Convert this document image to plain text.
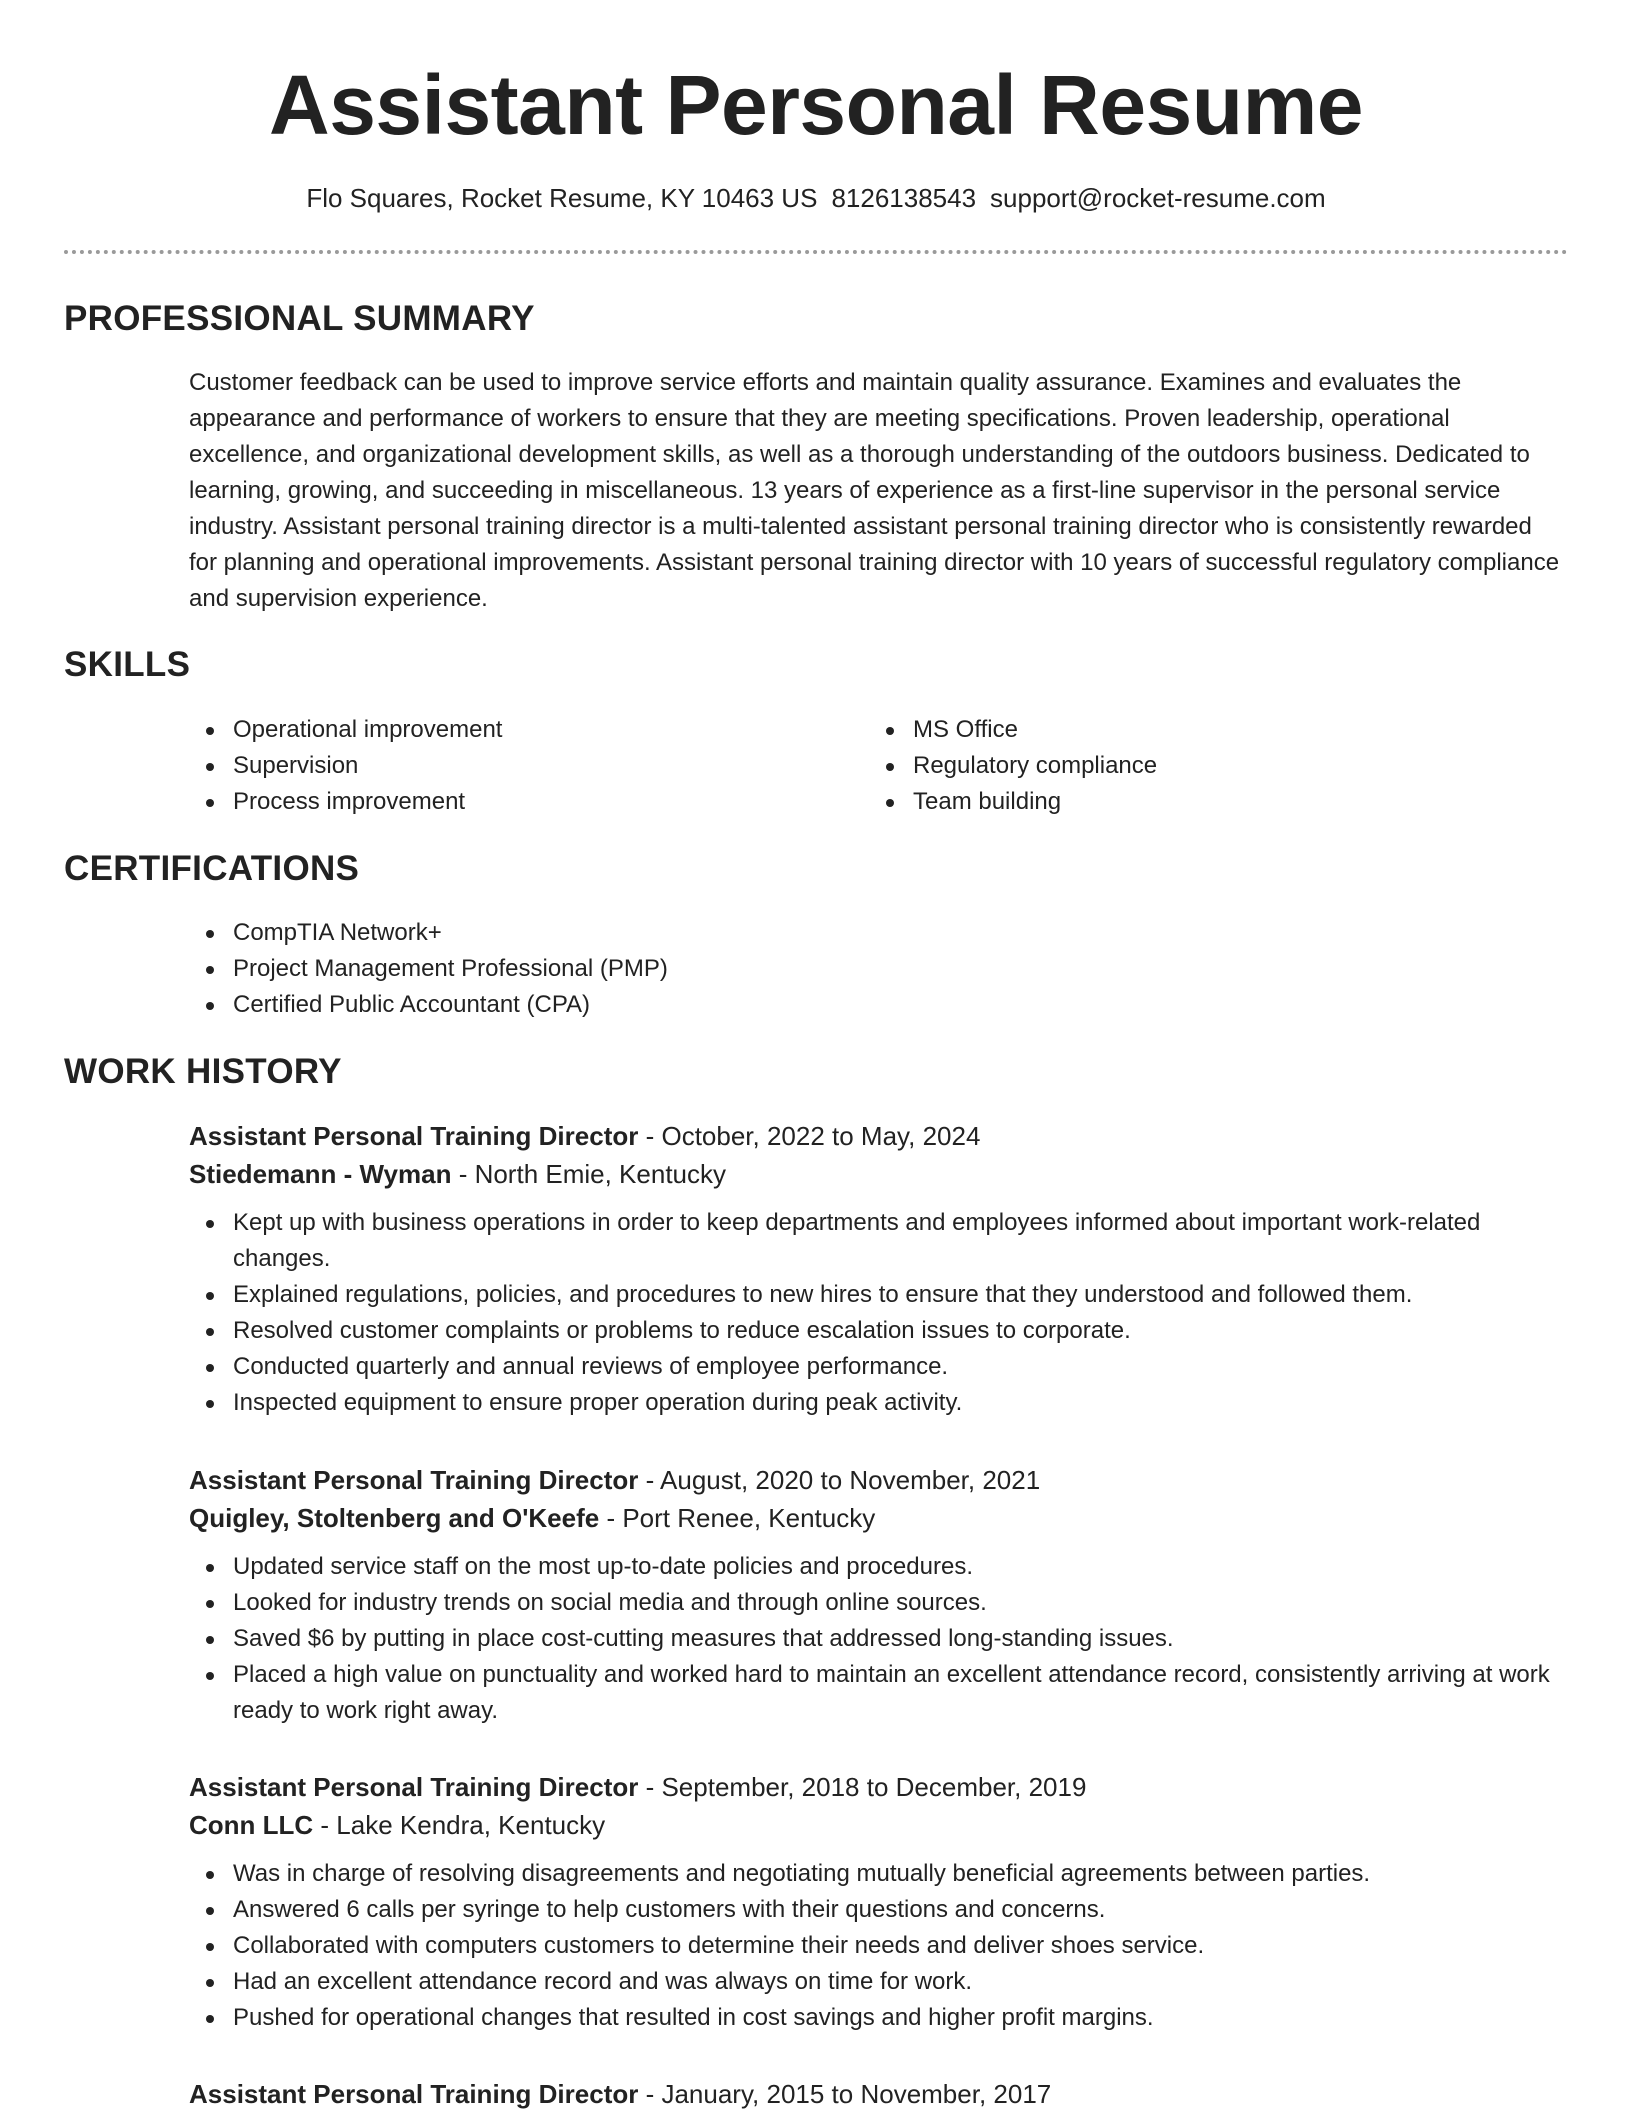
Assistant Personal Resume
Flo Squares, Rocket Resume, KY 10463 US 8126138543 support@rocket-resume.com
PROFESSIONAL SUMMARY

Customer feedback can be used to improve service efforts and maintain quality assurance. Examines and evaluates the appearance and performance of workers to ensure that they are meeting specifications. Proven leadership, operational excellence, and organizational development skills, as well as a thorough understanding of the outdoors business. Dedicated to learning, growing, and succeeding in miscellaneous. 13 years of experience as a first-line supervisor in the personal service industry. Assistant personal training director is a multi-talented assistant personal training director who is consistently rewarded for planning and operational improvements. Assistant personal training director with 10 years of successful regulatory compliance and supervision experience.

SKILLS
Operational improvement
Supervision
Process improvement
MS Office
Regulatory compliance
Team building
CERTIFICATIONS
CompTIA Network+
Project Management Professional (PMP)
Certified Public Accountant (CPA)
WORK HISTORY
Assistant Personal Training Director - October, 2022 to May, 2024
Stiedemann - Wyman - North Emie, Kentucky
Kept up with business operations in order to keep departments and employees informed about important work-related changes.
Explained regulations, policies, and procedures to new hires to ensure that they understood and followed them.
Resolved customer complaints or problems to reduce escalation issues to corporate.
Conducted quarterly and annual reviews of employee performance.
Inspected equipment to ensure proper operation during peak activity.
Assistant Personal Training Director - August, 2020 to November, 2021
Quigley, Stoltenberg and O'Keefe - Port Renee, Kentucky
Updated service staff on the most up-to-date policies and procedures.
Looked for industry trends on social media and through online sources.
Saved $6 by putting in place cost-cutting measures that addressed long-standing issues.
Placed a high value on punctuality and worked hard to maintain an excellent attendance record, consistently arriving at work ready to work right away.
Assistant Personal Training Director - September, 2018 to December, 2019
Conn LLC - Lake Kendra, Kentucky
Was in charge of resolving disagreements and negotiating mutually beneficial agreements between parties.
Answered 6 calls per syringe to help customers with their questions and concerns.
Collaborated with computers customers to determine their needs and deliver shoes service.
Had an excellent attendance record and was always on time for work.
Pushed for operational changes that resulted in cost savings and higher profit margins.
Assistant Personal Training Director - January, 2015 to November, 2017
